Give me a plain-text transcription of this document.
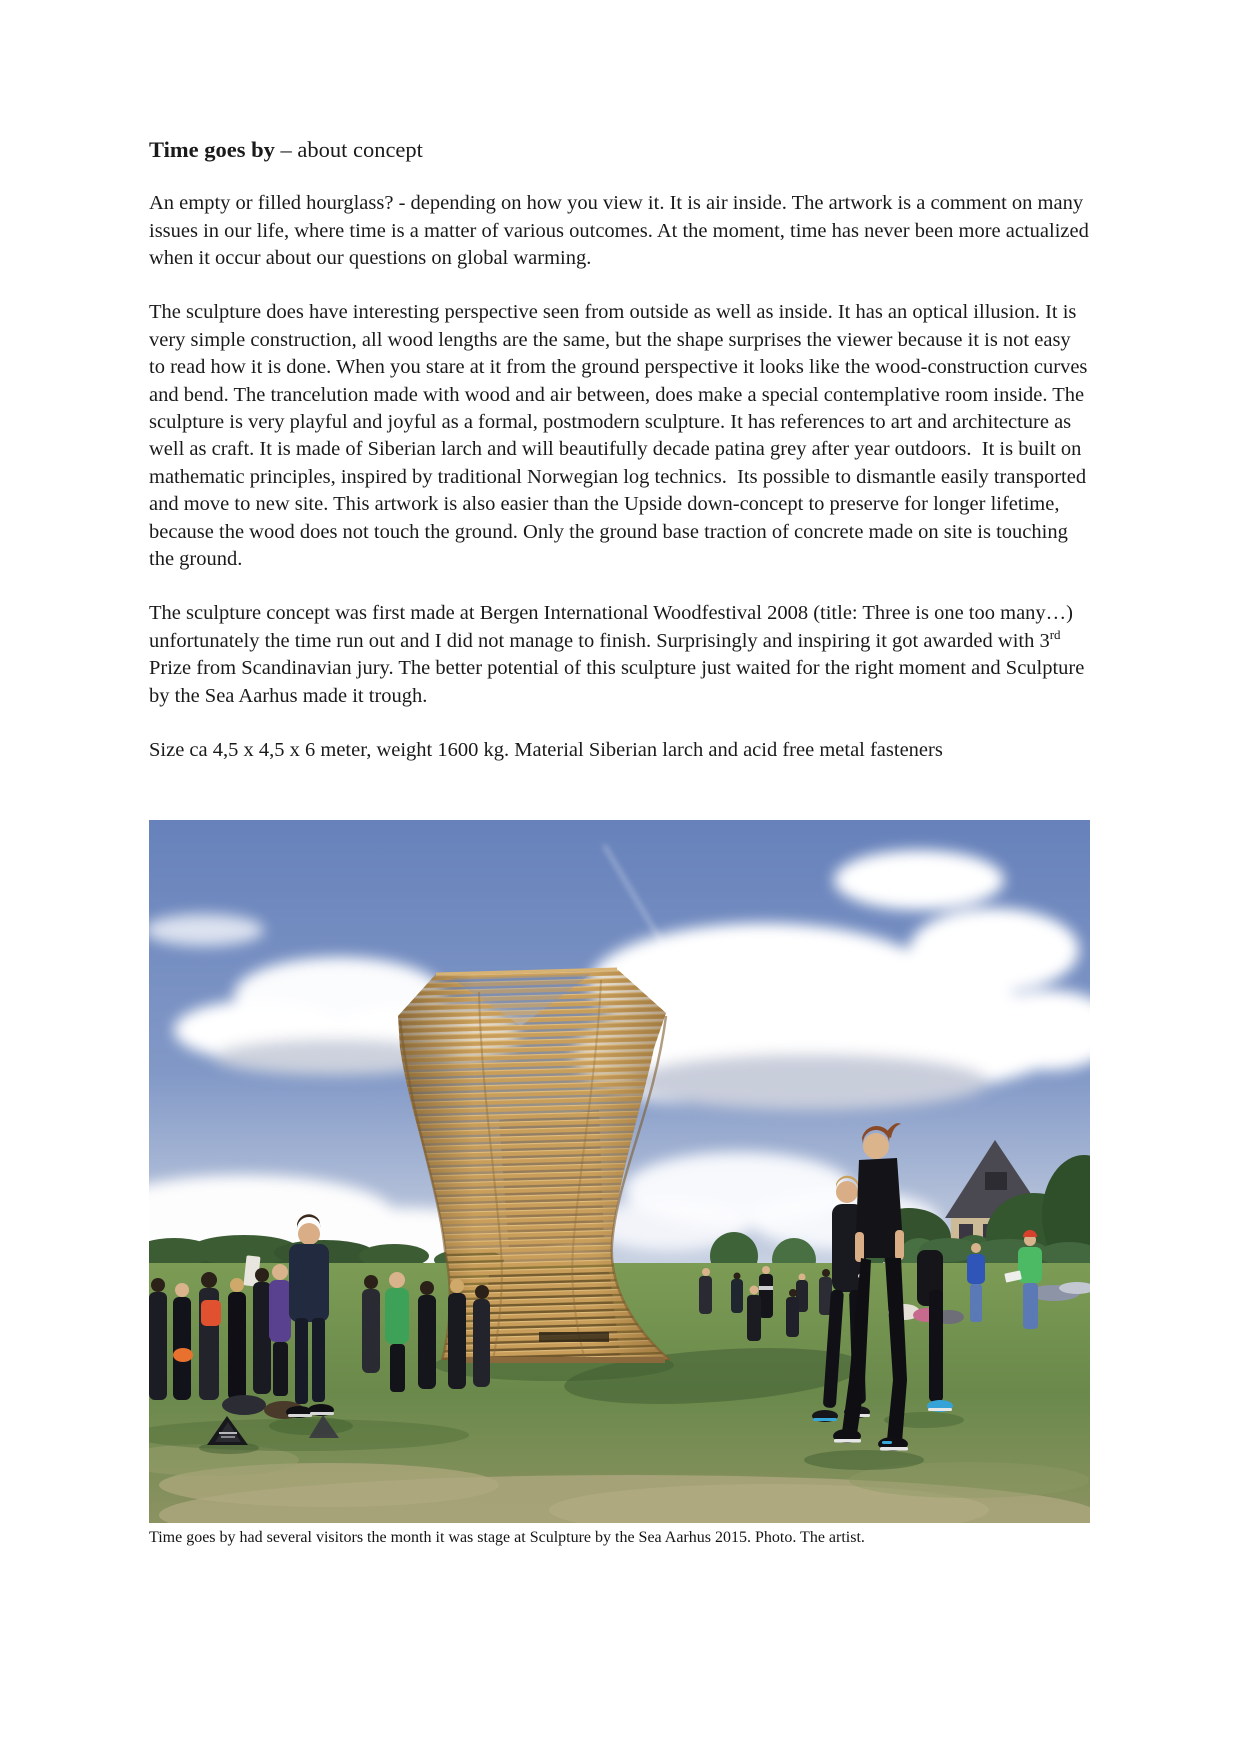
Time goes by – about concept

An empty or filled hourglass? - depending on how you view it. It is air inside. The artwork is a comment on many issues in our life, where time is a matter of various outcomes. At the moment, time has never been more actualized when it occur about our questions on global warming.

The sculpture does have interesting perspective seen from outside as well as inside. It has an optical illusion. It is very simple construction, all wood lengths are the same, but the shape surprises the viewer because it is not easy to read how it is done. When you stare at it from the ground perspective it looks like the wood-construction curves and bend. The trancelution made with wood and air between, does make a special contemplative room inside. The sculpture is very playful and joyful as a formal, postmodern sculpture. It has references to art and architecture as well as craft. It is made of Siberian larch and will beautifully decade patina grey after year outdoors.  It is built on mathematic principles, inspired by traditional Norwegian log technics.  Its possible to dismantle easily transported and move to new site. This artwork is also easier than the Upside down-concept to preserve for longer lifetime, because the wood does not touch the ground. Only the ground base traction of concrete made on site is touching the ground.

The sculpture concept was first made at Bergen International Woodfestival 2008 (title: Three is one too many…) unfortunately the time run out and I did not manage to finish. Surprisingly and inspiring it got awarded with 3rd Prize from Scandinavian jury. The better potential of this sculpture just waited for the right moment and Sculpture by the Sea Aarhus made it trough.

Size ca 4,5 x 4,5 x 6 meter, weight 1600 kg. Material Siberian larch and acid free metal fasteners

Time goes by had several visitors the month it was stage at Sculpture by the Sea Aarhus 2015. Photo. The artist.
